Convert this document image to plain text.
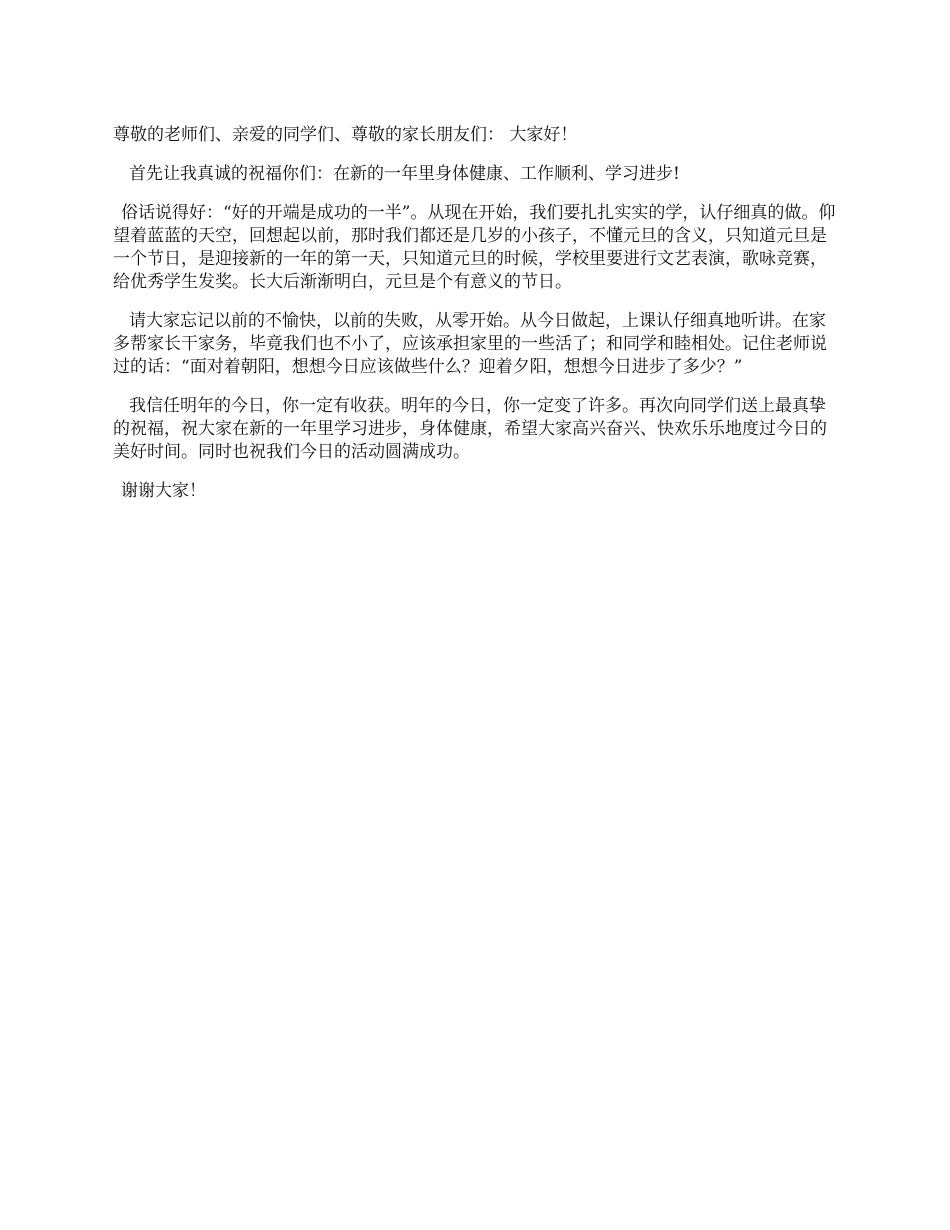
尊敬的老师们、亲爱的同学们、尊敬的家长朋友们： 大家好！

首先让我真诚的祝福你们：在新的一年里身体健康、工作顺利、学习进步!

俗话说得好：“好的开端是成功的一半”。从现在开始，我们要扎扎实实的学，认仔细真的做。仰望着蓝蓝的天空，回想起以前，那时我们都还是几岁的小孩子，不懂元旦的含义，只知道元旦是一个节日，是迎接新的一年的第一天，只知道元旦的时候，学校里要进行文艺表演，歌咏竞赛，给优秀学生发奖。长大后渐渐明白，元旦是个有意义的节日。

请大家忘记以前的不愉快，以前的失败，从零开始。从今日做起，上课认仔细真地听讲。在家多帮家长干家务，毕竟我们也不小了，应该承担家里的一些活了；和同学和睦相处。记住老师说过的话：“面对着朝阳，想想今日应该做些什么？迎着夕阳，想想今日进步了多少？”

我信任明年的今日，你一定有收获。明年的今日，你一定变了许多。再次向同学们送上最真挚的祝福，祝大家在新的一年里学习进步，身体健康，希望大家高兴奋兴、快欢乐乐地度过今日的美好时间。同时也祝我们今日的活动圆满成功。

谢谢大家！
